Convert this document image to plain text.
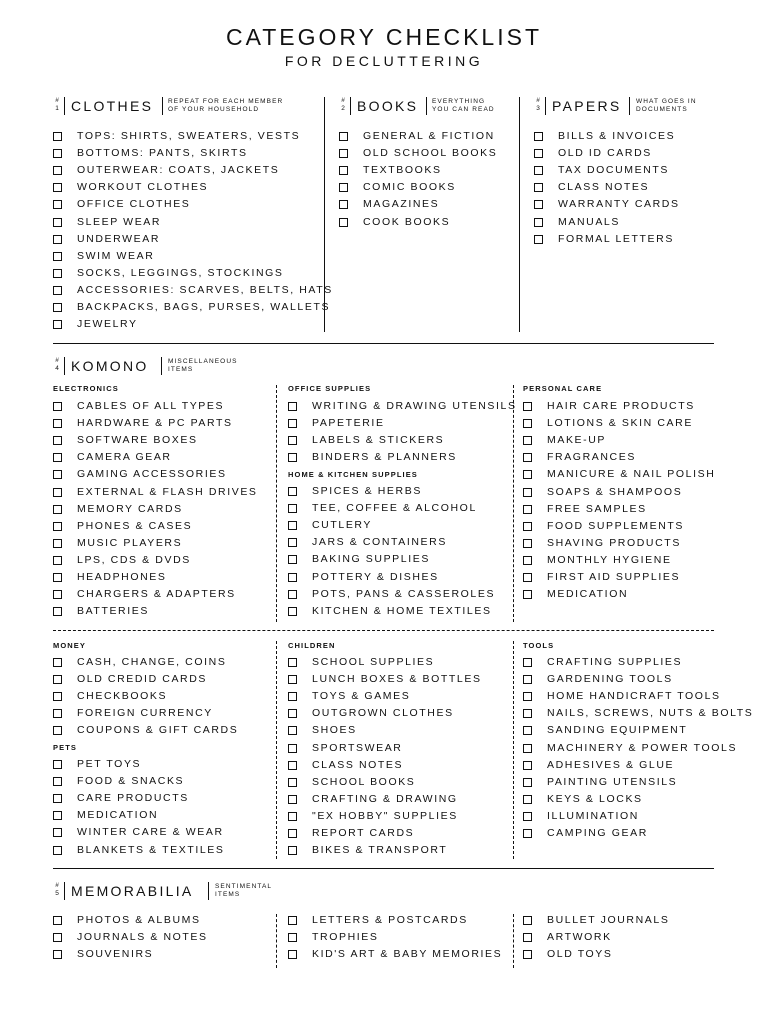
CATEGORY CHECKLIST
FOR DECLUTTERING
#
1 CLOTHES REPEAT FOR EACH MEMBER
OF YOUR HOUSEHOLD
#
2 BOOKS EVERYTHING
YOU CAN READ
#
3 PAPERS WHAT GOES IN
DOCUMENTS
#
4 KOMONO	MISCELLANEOUS
ITEMS
ELECTRONICS	OFFICE SUPPLIES
HOME & KITCHEN SUPPLIES
PERSONAL CARE
MONEY
PETS
CHILDREN	TOOLS
#
5 MEMORABILIA	SENTIMENTAL
ITEMS
TOPS: SHIRTS, SWEATERS, VESTS
BOTTOMS: PANTS, SKIRTS
OUTERWEAR: COATS, JACKETS
WORKOUT CLOTHES
OFFICE CLOTHES
SLEEP WEAR
UNDERWEAR
SWIM WEAR
SOCKS, LEGGINGS, STOCKINGS
ACCESSORIES: SCARVES, BELTS, HATS
BACKPACKS, BAGS, PURSES, WALLETS
JEWELRY
GENERAL & FICTION
OLD SCHOOL BOOKS
TEXTBOOKS
COMIC BOOKS
MAGAZINES
COOK BOOKS
BILLS & INVOICES
OLD ID CARDS
TAX DOCUMENTS
CLASS NOTES
WARRANTY CARDS
MANUALS
FORMAL LETTERS
CABLES OF ALL TYPES
HARDWARE & PC PARTS
SOFTWARE BOXES
CAMERA GEAR
GAMING ACCESSORIES
EXTERNAL & FLASH DRIVES
MEMORY CARDS
PHONES & CASES
MUSIC PLAYERS
LPS, CDS & DVDS
HEADPHONES
CHARGERS & ADAPTERS
BATTERIES
WRITING & DRAWING UTENSILS
PAPETERIE
LABELS & STICKERS
BINDERS & PLANNERS
SPICES & HERBS
TEE, COFFEE & ALCOHOL
CUTLERY
JARS & CONTAINERS
BAKING SUPPLIES
POTTERY & DISHES
POTS, PANS & CASSEROLES
KITCHEN & HOME TEXTILES
HAIR CARE PRODUCTS
LOTIONS & SKIN CARE
MAKE-UP
FRAGRANCES
MANICURE & NAIL POLISH
SOAPS & SHAMPOOS
FREE SAMPLES
FOOD SUPPLEMENTS
SHAVING PRODUCTS
MONTHLY HYGIENE
FIRST AID SUPPLIES
MEDICATION
CASH, CHANGE, COINS
OLD CREDID CARDS
CHECKBOOKS
FOREIGN CURRENCY
COUPONS & GIFT CARDS
PET TOYS
FOOD & SNACKS
CARE PRODUCTS
MEDICATION
WINTER CARE & WEAR
BLANKETS & TEXTILES
SCHOOL SUPPLIES
LUNCH BOXES & BOTTLES
TOYS & GAMES
OUTGROWN CLOTHES
SHOES
SPORTSWEAR
CLASS NOTES
SCHOOL BOOKS
CRAFTING & DRAWING
"EX HOBBY" SUPPLIES
REPORT CARDS
BIKES & TRANSPORT
CRAFTING SUPPLIES
GARDENING TOOLS
HOME HANDICRAFT TOOLS
NAILS, SCREWS, NUTS & BOLTS
SANDING EQUIPMENT
MACHINERY & POWER TOOLS
ADHESIVES & GLUE
PAINTING UTENSILS
KEYS & LOCKS
ILLUMINATION
CAMPING GEAR
PHOTOS & ALBUMS
JOURNALS & NOTES
SOUVENIRS
LETTERS & POSTCARDS
TROPHIES
KID'S ART & BABY MEMORIES
BULLET JOURNALS
ARTWORK
OLD TOYS
